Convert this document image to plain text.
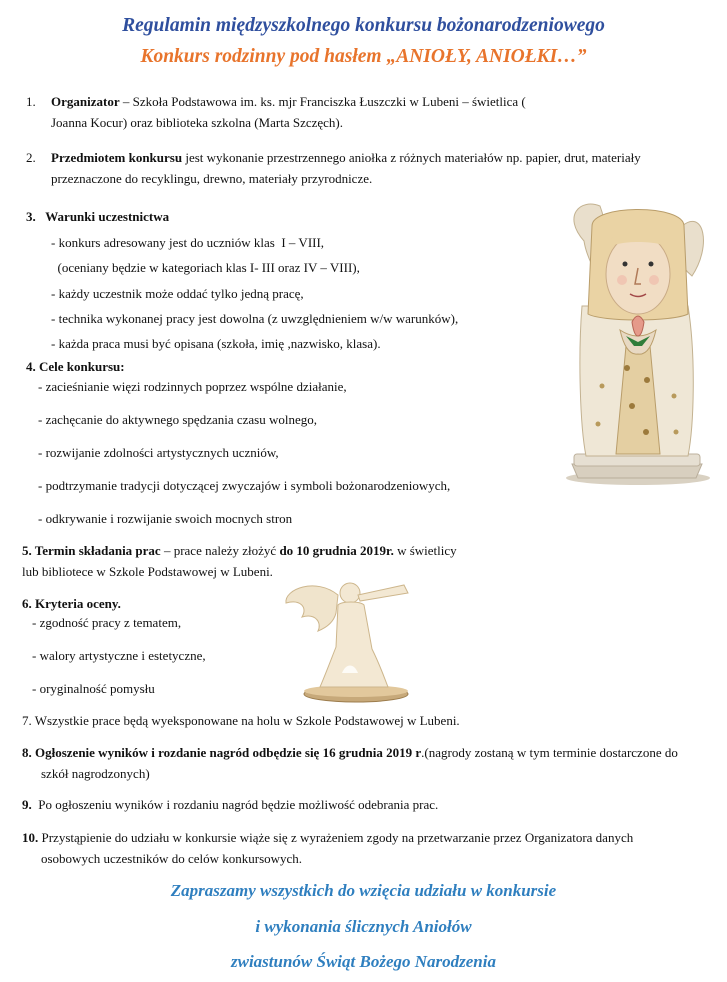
Regulamin międzyszkolnego konkursu bożonarodzeniowego

Konkurs rodzinny pod hasłem „ANIOŁY, ANIOŁKI…”

1.	Organizator – Szkoła Podstawowa im. ks. mjr Franciszka Łuszczki w Lubeni – świetlica ( Joanna Kocur) oraz biblioteka szkolna (Marta Szczęch).

2.	Przedmiotem konkursu jest wykonanie przestrzennego aniołka z różnych materiałów np. papier, drut, materiały przeznaczone do recyklingu, drewno, materiały przyrodnicze.

3.   Warunki uczestnictwa

- konkurs adresowany jest do uczniów klas  I – VIII,

(oceniany będzie w kategoriach klas I- III oraz IV – VIII),

- każdy uczestnik może oddać tylko jedną pracę,

- technika wykonanej pracy jest dowolna (z uwzględnieniem w/w warunków),

- każda praca musi być opisana (szkoła, imię ,nazwisko, klasa).

4. Cele konkursu:

- zacieśnianie więzi rodzinnych poprzez wspólne działanie,

- zachęcanie do aktywnego spędzania czasu wolnego,

- rozwijanie zdolności artystycznych uczniów,

- podtrzymanie tradycji dotyczącej zwyczajów i symboli bożonarodzeniowych,

- odkrywanie i rozwijanie swoich mocnych stron

5. Termin składania prac – prace należy złożyć do 10 grudnia 2019r. w świetlicy lub bibliotece w Szkole Podstawowej w Lubeni.

6. Kryteria oceny.

- zgodność pracy z tematem,

- walory artystyczne i estetyczne,

- oryginalność pomysłu

7. Wszystkie prace będą wyeksponowane na holu w Szkole Podstawowej w Lubeni.

8. Ogłoszenie wyników i rozdanie nagród odbędzie się 16 grudnia 2019 r.(nagrody zostaną w tym terminie dostarczone do szkół nagrodzonych)

9.  Po ogłoszeniu wyników i rozdaniu nagród będzie możliwość odebrania prac.

10. Przystąpienie do udziału w konkursie wiąże się z wyrażeniem zgody na przetwarzanie przez Organizatora danych osobowych uczestników do celów konkursowych.

Zapraszamy wszystkich do wzięcia udziału w konkursie

i wykonania ślicznych Aniołów

zwiastunów Świąt Bożego Narodzenia
